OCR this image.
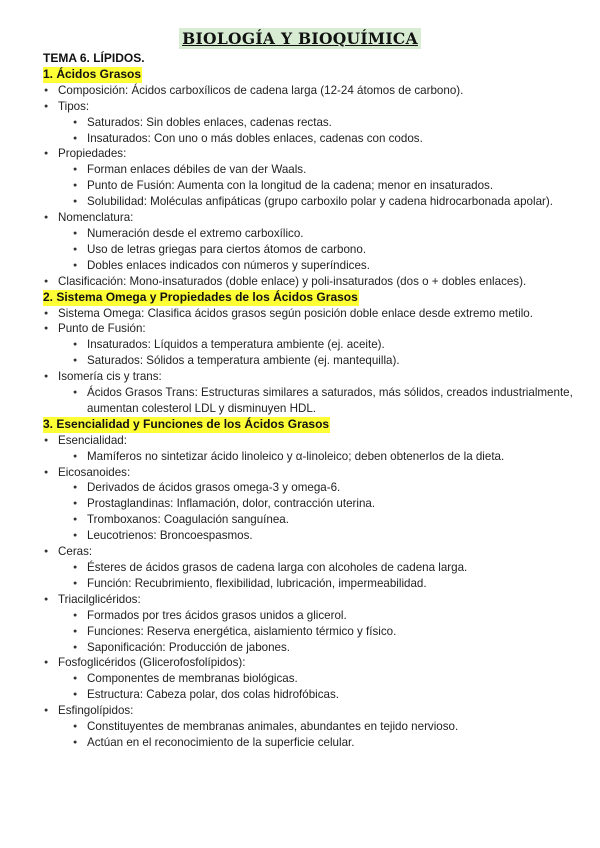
BIOLOGÍA Y BIOQUÍMICA
TEMA 6. LÍPIDOS.
1. Ácidos Grasos
● Composición: Ácidos carboxílicos de cadena larga (12-24 átomos de carbono).
● Tipos:
● Saturados: Sin dobles enlaces, cadenas rectas.
● Insaturados: Con uno o más dobles enlaces, cadenas con codos.
● Propiedades:
● Forman enlaces débiles de van der Waals.
● Punto de Fusión: Aumenta con la longitud de la cadena; menor en insaturados.
● Solubilidad: Moléculas anfipáticas (grupo carboxilo polar y cadena hidrocarbonada apolar).
● Nomenclatura:
● Numeración desde el extremo carboxílico.
● Uso de letras griegas para ciertos átomos de carbono.
● Dobles enlaces indicados con números y superíndices.
● Clasificación: Mono-insaturados (doble enlace) y poli-insaturados (dos o + dobles enlaces).
2. Sistema Omega y Propiedades de los Ácidos Grasos
● Sistema Omega: Clasifica ácidos grasos según posición doble enlace desde extremo metilo.
● Punto de Fusión:
● Insaturados: Líquidos a temperatura ambiente (ej. aceite).
● Saturados: Sólidos a temperatura ambiente (ej. mantequilla).
● Isomería cis y trans:
● Ácidos Grasos Trans: Estructuras similares a saturados, más sólidos, creados industrialmente, aumentan colesterol LDL y disminuyen HDL.
3. Esencialidad y Funciones de los Ácidos Grasos
● Esencialidad:
● Mamíferos no sintetizar ácido linoleico y α-linoleico; deben obtenerlos de la dieta.
● Eicosanoides:
● Derivados de ácidos grasos omega-3 y omega-6.
● Prostaglandinas: Inflamación, dolor, contracción uterina.
● Tromboxanos: Coagulación sanguínea.
● Leucotrienos: Broncoespasmos.
● Ceras:
● Ésteres de ácidos grasos de cadena larga con alcoholes de cadena larga.
● Función: Recubrimiento, flexibilidad, lubricación, impermeabilidad.
● Triacilglicéridos:
● Formados por tres ácidos grasos unidos a glicerol.
● Funciones: Reserva energética, aislamiento térmico y físico.
● Saponificación: Producción de jabones.
● Fosfoglicéridos (Glicerofosfolípidos):
● Componentes de membranas biológicas.
● Estructura: Cabeza polar, dos colas hidrofóbicas.
● Esfingolípidos:
● Constituyentes de membranas animales, abundantes en tejido nervioso.
● Actúan en el reconocimiento de la superficie celular.
